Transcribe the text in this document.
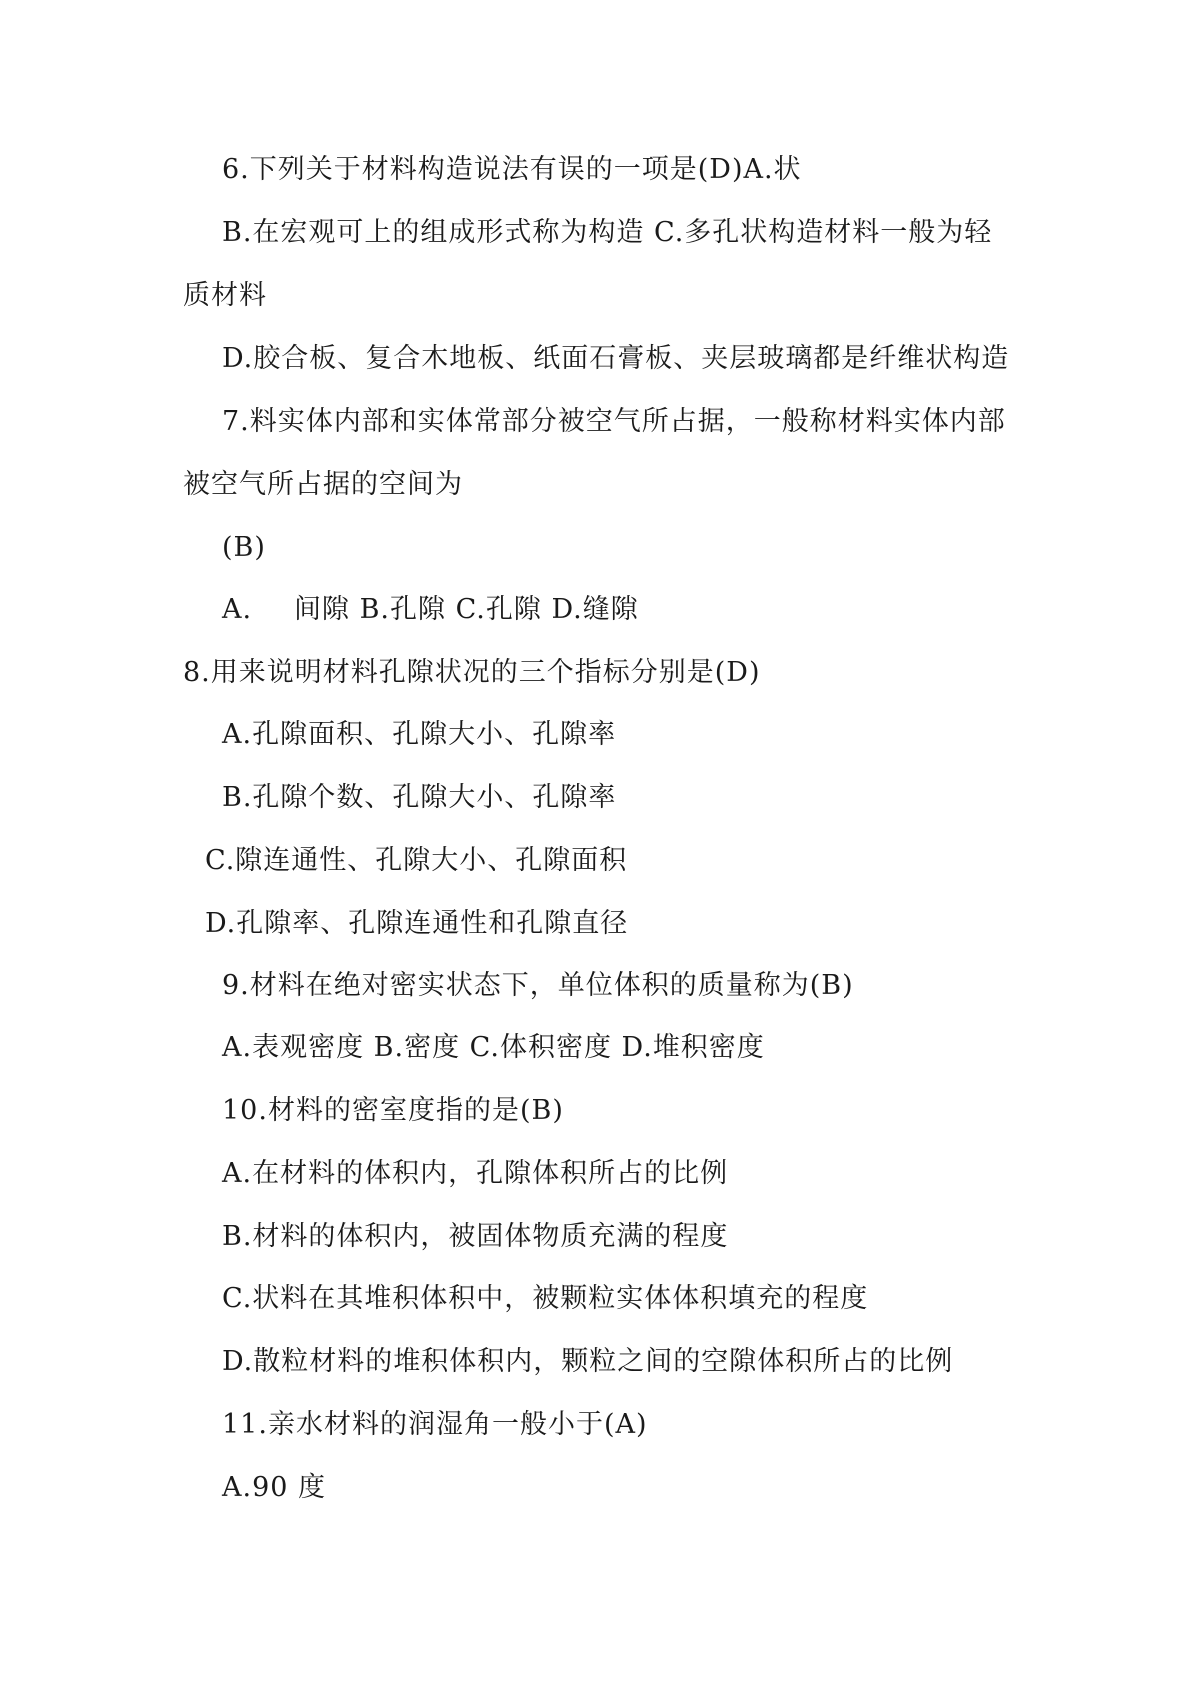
6.下列关于材料构造说法有误的一项是(D)A.状
B.在宏观可上的组成形式称为构造 C.多孔状构造材料一般为轻
质材料
D.胶合板、复合木地板、纸面石膏板、夹层玻璃都是纤维状构造
7.料实体内部和实体常部分被空气所占据，一般称材料实体内部
被空气所占据的空间为
(B)
A. 间隙 B.孔隙 C.孔隙 D.缝隙
8.用来说明材料孔隙状况的三个指标分别是(D)
A.孔隙面积、孔隙大小、孔隙率
B.孔隙个数、孔隙大小、孔隙率
C.隙连通性、孔隙大小、孔隙面积
D.孔隙率、孔隙连通性和孔隙直径
9.材料在绝对密实状态下，单位体积的质量称为(B)
A.表观密度 B.密度 C.体积密度 D.堆积密度
10.材料的密室度指的是(B)
A.在材料的体积内，孔隙体积所占的比例
B.材料的体积内，被固体物质充满的程度
C.状料在其堆积体积中，被颗粒实体体积填充的程度
D.散粒材料的堆积体积内，颗粒之间的空隙体积所占的比例
11.亲水材料的润湿角一般小于(A)
A.90 度
